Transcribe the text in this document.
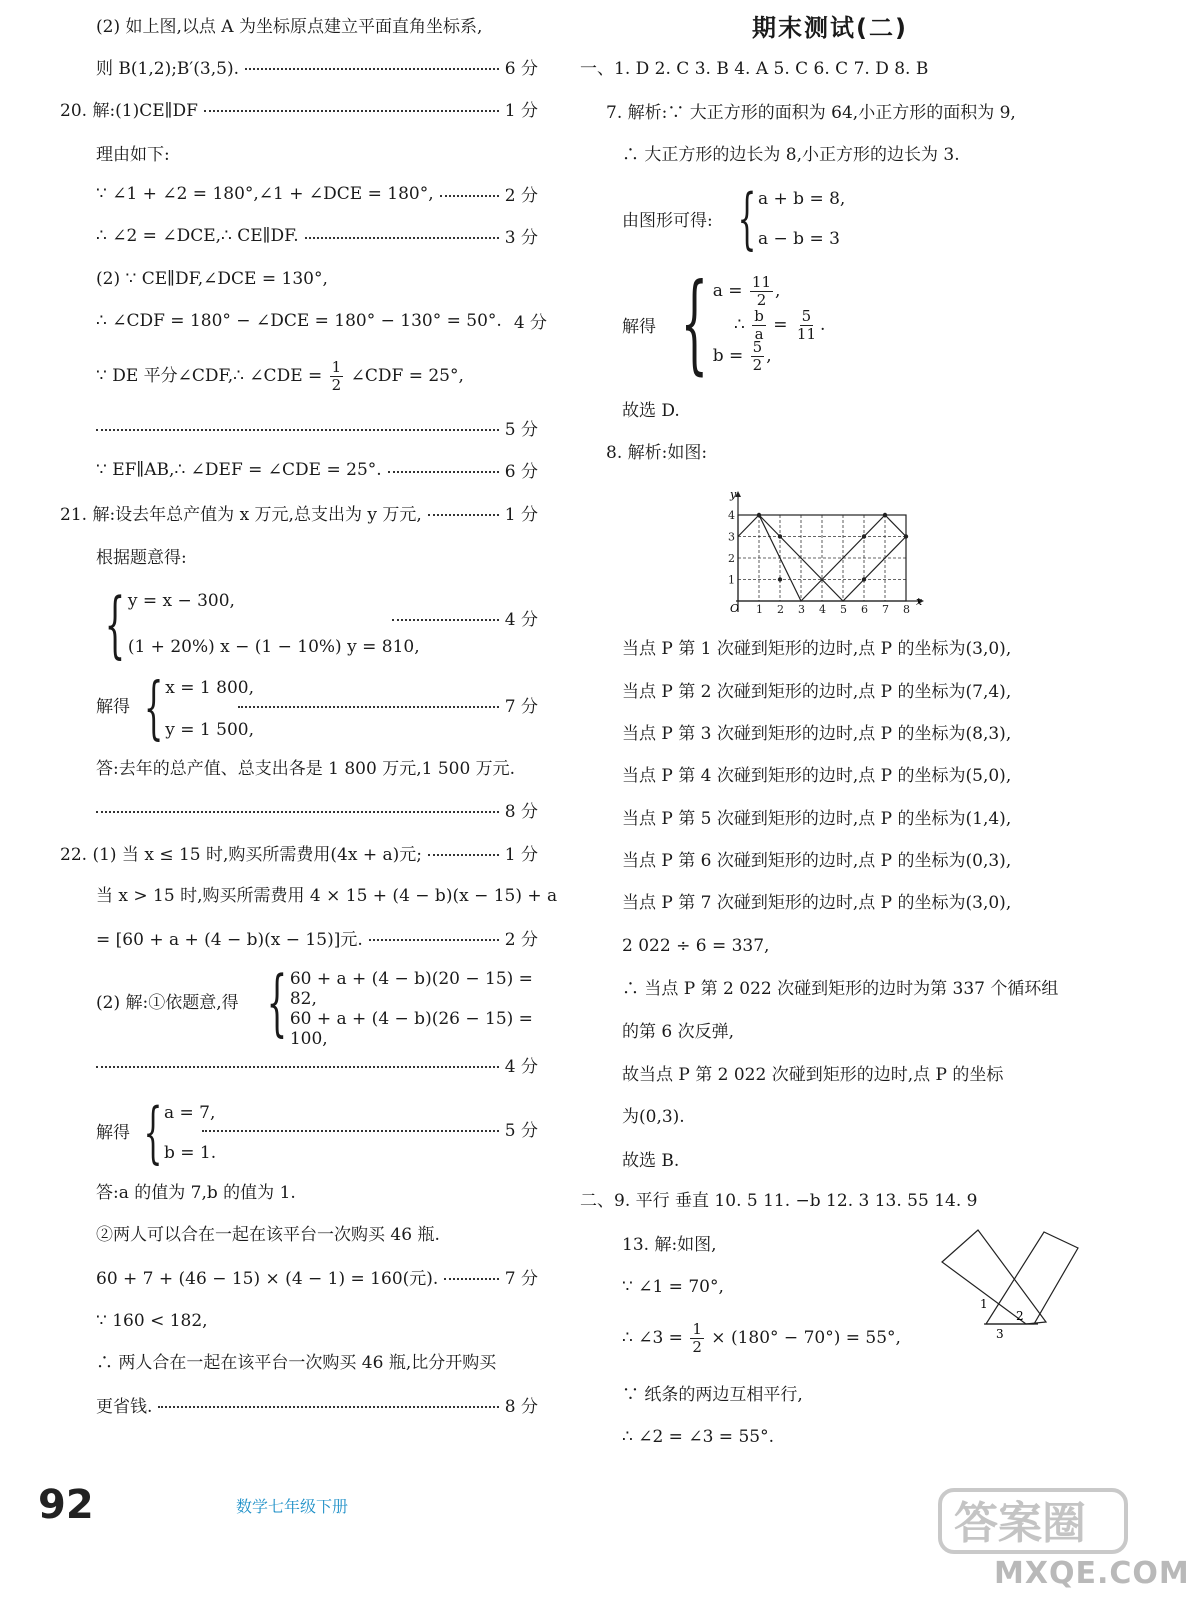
(2) 如上图,以点 A 为坐标原点建立平面直角坐标系,
则 B(1,2);B′(3,5).	6 分
20. 解:(1)CE∥DF	1 分
理由如下:
∵ ∠1 + ∠2 = 180°,∠1 + ∠DCE = 180°,	2 分
∴ ∠2 = ∠DCE,∴ CE∥DF.	3 分
(2) ∵ CE∥DF,∠DCE = 130°,
∴ ∠CDF = 180° − ∠DCE = 180° − 130° = 50°. 4 分
∵ DE 平分∠CDF,∴ ∠CDE = $\frac{1}{2}$ ∠CDF = 25°,
5 分
∵ EF∥AB,∴ ∠DEF = ∠CDE = 25°.	6 分
21. 解:设去年总产值为 x 万元,总支出为 y 万元,	1 分
根据题意得:
{ y = x − 300,
(1 + 20%) x − (1 − 10%) y = 810,
4 分
解得 { x = 1 800,
y = 1 500,
7 分
答:去年的总产值、总支出各是 1 800 万元,1 500 万元.
8 分
22. (1) 当 x ≤ 15 时,购买所需费用(4x + a)元;	1 分
当 x > 15 时,购买所需费用 4 × 15 + (4 − b)(x − 15) + a
= [60 + a + (4 − b)(x − 15)]元.	2 分
(2) 解:①依题意,得 { 60 + a + (4 − b)(20 − 15) = 82,
60 + a + (4 − b)(26 − 15) = 100,
4 分
解得 { a = 7,
b = 1.
5 分
答:a 的值为 7,b 的值为 1.
②两人可以合在一起在该平台一次购买 46 瓶.
60 + 7 + (46 − 15) × (4 − 1) = 160(元).	7 分
∵ 160 < 182,
∴ 两人合在一起在该平台一次购买 46 瓶,比分开购买
更省钱.	8 分
期末测试(二)
一、1. D 2. C 3. B 4. A 5. C 6. C 7. D 8. B
7. 解析:∵ 大正方形的面积为 64,小正方形的面积为 9,
∴ 大正方形的边长为 8,小正方形的边长为 3.
由图形可得: { a + b = 8,
a − b = 3
解得 { $a = \frac{11}{2}$ ,
$b = \frac{5}{2}$ ,
∴ $\frac{b}{a} = \frac{5}{11}$ .
故选 D.
8. 解析:如图:
x
y
O 1 2 3 4 5 6 7 8
1
2
3
4
当点 P 第 1 次碰到矩形的边时,点 P 的坐标为(3,0),
当点 P 第 2 次碰到矩形的边时,点 P 的坐标为(7,4),
当点 P 第 3 次碰到矩形的边时,点 P 的坐标为(8,3),
当点 P 第 4 次碰到矩形的边时,点 P 的坐标为(5,0),
当点 P 第 5 次碰到矩形的边时,点 P 的坐标为(1,4),
当点 P 第 6 次碰到矩形的边时,点 P 的坐标为(0,3),
当点 P 第 7 次碰到矩形的边时,点 P 的坐标为(3,0),
2 022 ÷ 6 = 337,
∴ 当点 P 第 2 022 次碰到矩形的边时为第 337 个循环组
的第 6 次反弹,
故当点 P 第 2 022 次碰到矩形的边时,点 P 的坐标
为(0,3).
故选 B.
二、9. 平行 垂直 10. 5 11. −b 12. 3 13. 55 14. 9
13. 解:如图,
1
2
3
∵ ∠1 = 70°,
∴ ∠3 = $\frac{1}{2} \times (180^\circ - 70^\circ) = 55^\circ$,
∵ 纸条的两边互相平行,
∴ ∠2 = ∠3 = 55°.
92	数学七年级下册	答案圈
MXQE.COM
